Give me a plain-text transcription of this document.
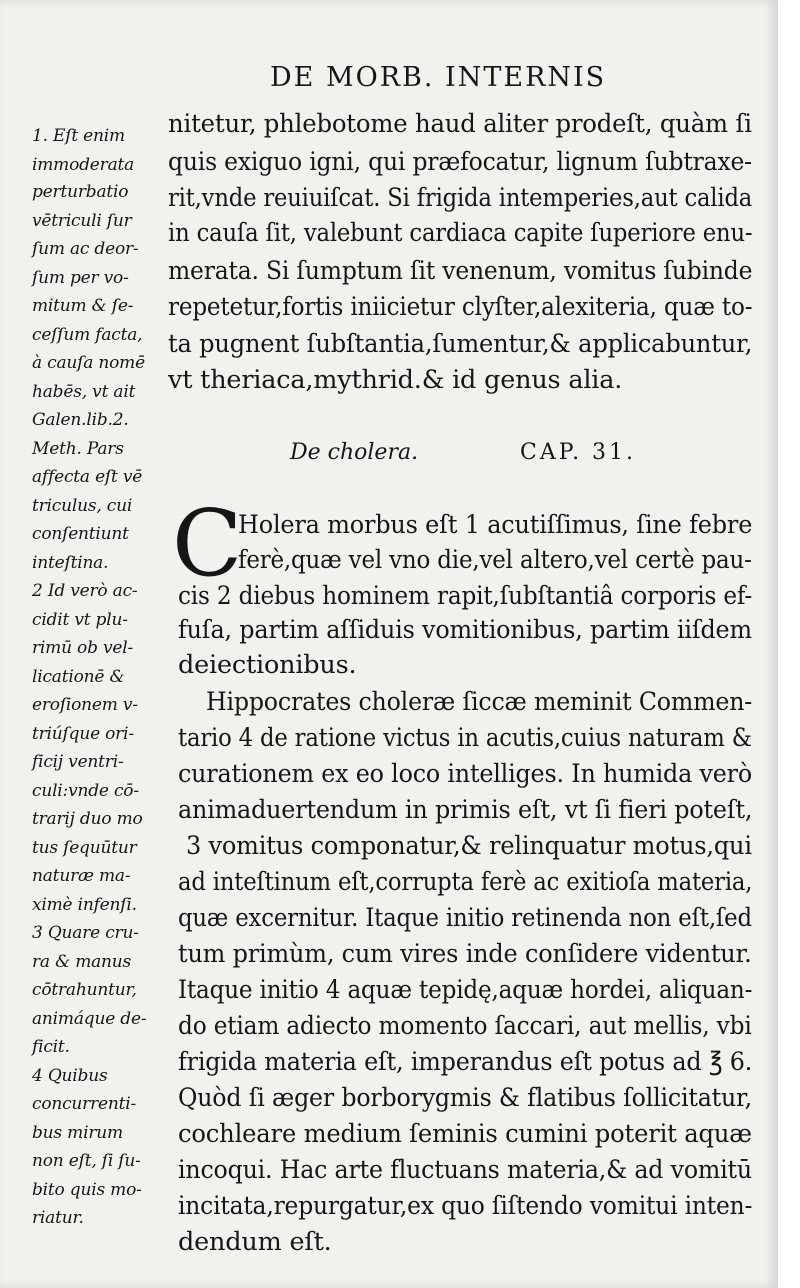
DE MORB. INTERNIS
nitetur, phlebotome haud aliter prodeſt, quàm ſi
quis exiguo igni, qui præfocatur, lignum ſubtraxe-
rit,vnde reuiuiſcat. Si frigida intemperies,aut calida
in cauſa ſit, valebunt cardiaca capite ſuperiore enu-
merata. Si ſumptum ſit venenum, vomitus ſubinde
repetetur,fortis iniicietur clyſter,alexiteria, quæ to-
ta pugnent ſubſtantia,ſumentur,& applicabuntur,
vt theriaca,mythrid.& id genus alia.
De cholera.	CAP. 31.
C
Holera morbus eſt 1 acutiſſimus, ſine febre
ferè,quæ vel vno die,vel altero,vel certè pau-
cis 2 diebus hominem rapit,ſubſtantiâ corporis ef-
fuſa, partim aſſiduis vomitionibus, partim iiſdem
deiectionibus.
Hippocrates choleræ ſiccæ meminit Commen-
tario 4 de ratione victus in acutis,cuius naturam &
curationem ex eo loco intelliges. In humida verò
animaduertendum in primis eſt, vt ſi fieri poteſt,
3 vomitus componatur,& relinquatur motus,qui
ad inteſtinum eſt,corrupta ferè ac exitioſa materia,
quæ excernitur. Itaque initio retinenda non eſt,ſed
tum primùm, cum vires inde conſidere videntur.
Itaque initio 4 aquæ tepidę,aquæ hordei, aliquan-
do etiam adiecto momento ſaccari, aut mellis, vbi
frigida materia eſt, imperandus eſt potus ad ℥ 6.
Quòd ſi æger borborygmis & flatibus ſollicitatur,
cochleare medium ſeminis cumini poterit aquæ
incoqui. Hac arte fluctuans materia,& ad vomitū
incitata,repurgatur,ex quo ſiſtendo vomitui inten-
dendum eſt.
1. Eſt enim
immoderata
perturbatio
vētriculi ſur
ſum ac deor-
ſum per vo-
mitum & ſe-
ceſſum facta,
à cauſa nomē
habēs, vt ait
Galen.lib.2.
Meth. Pars
affecta eſt vē
triculus, cui
conſentiunt
inteſtina.
2 Id verò ac-
cidit vt plu-
rimū ob vel-
licationē &
eroſionem v-
triúſque ori-
ficij ventri-
culi:vnde cō-
trarij duo mo
tus ſequūtur
naturæ ma-
ximè infenſi.
3 Quare cru-
ra & manus
cōtrahuntur,
animáque de-
ficit.
4 Quibus
concurrenti-
bus mirum
non eſt, ſi ſu-
bito quis mo-
riatur.
